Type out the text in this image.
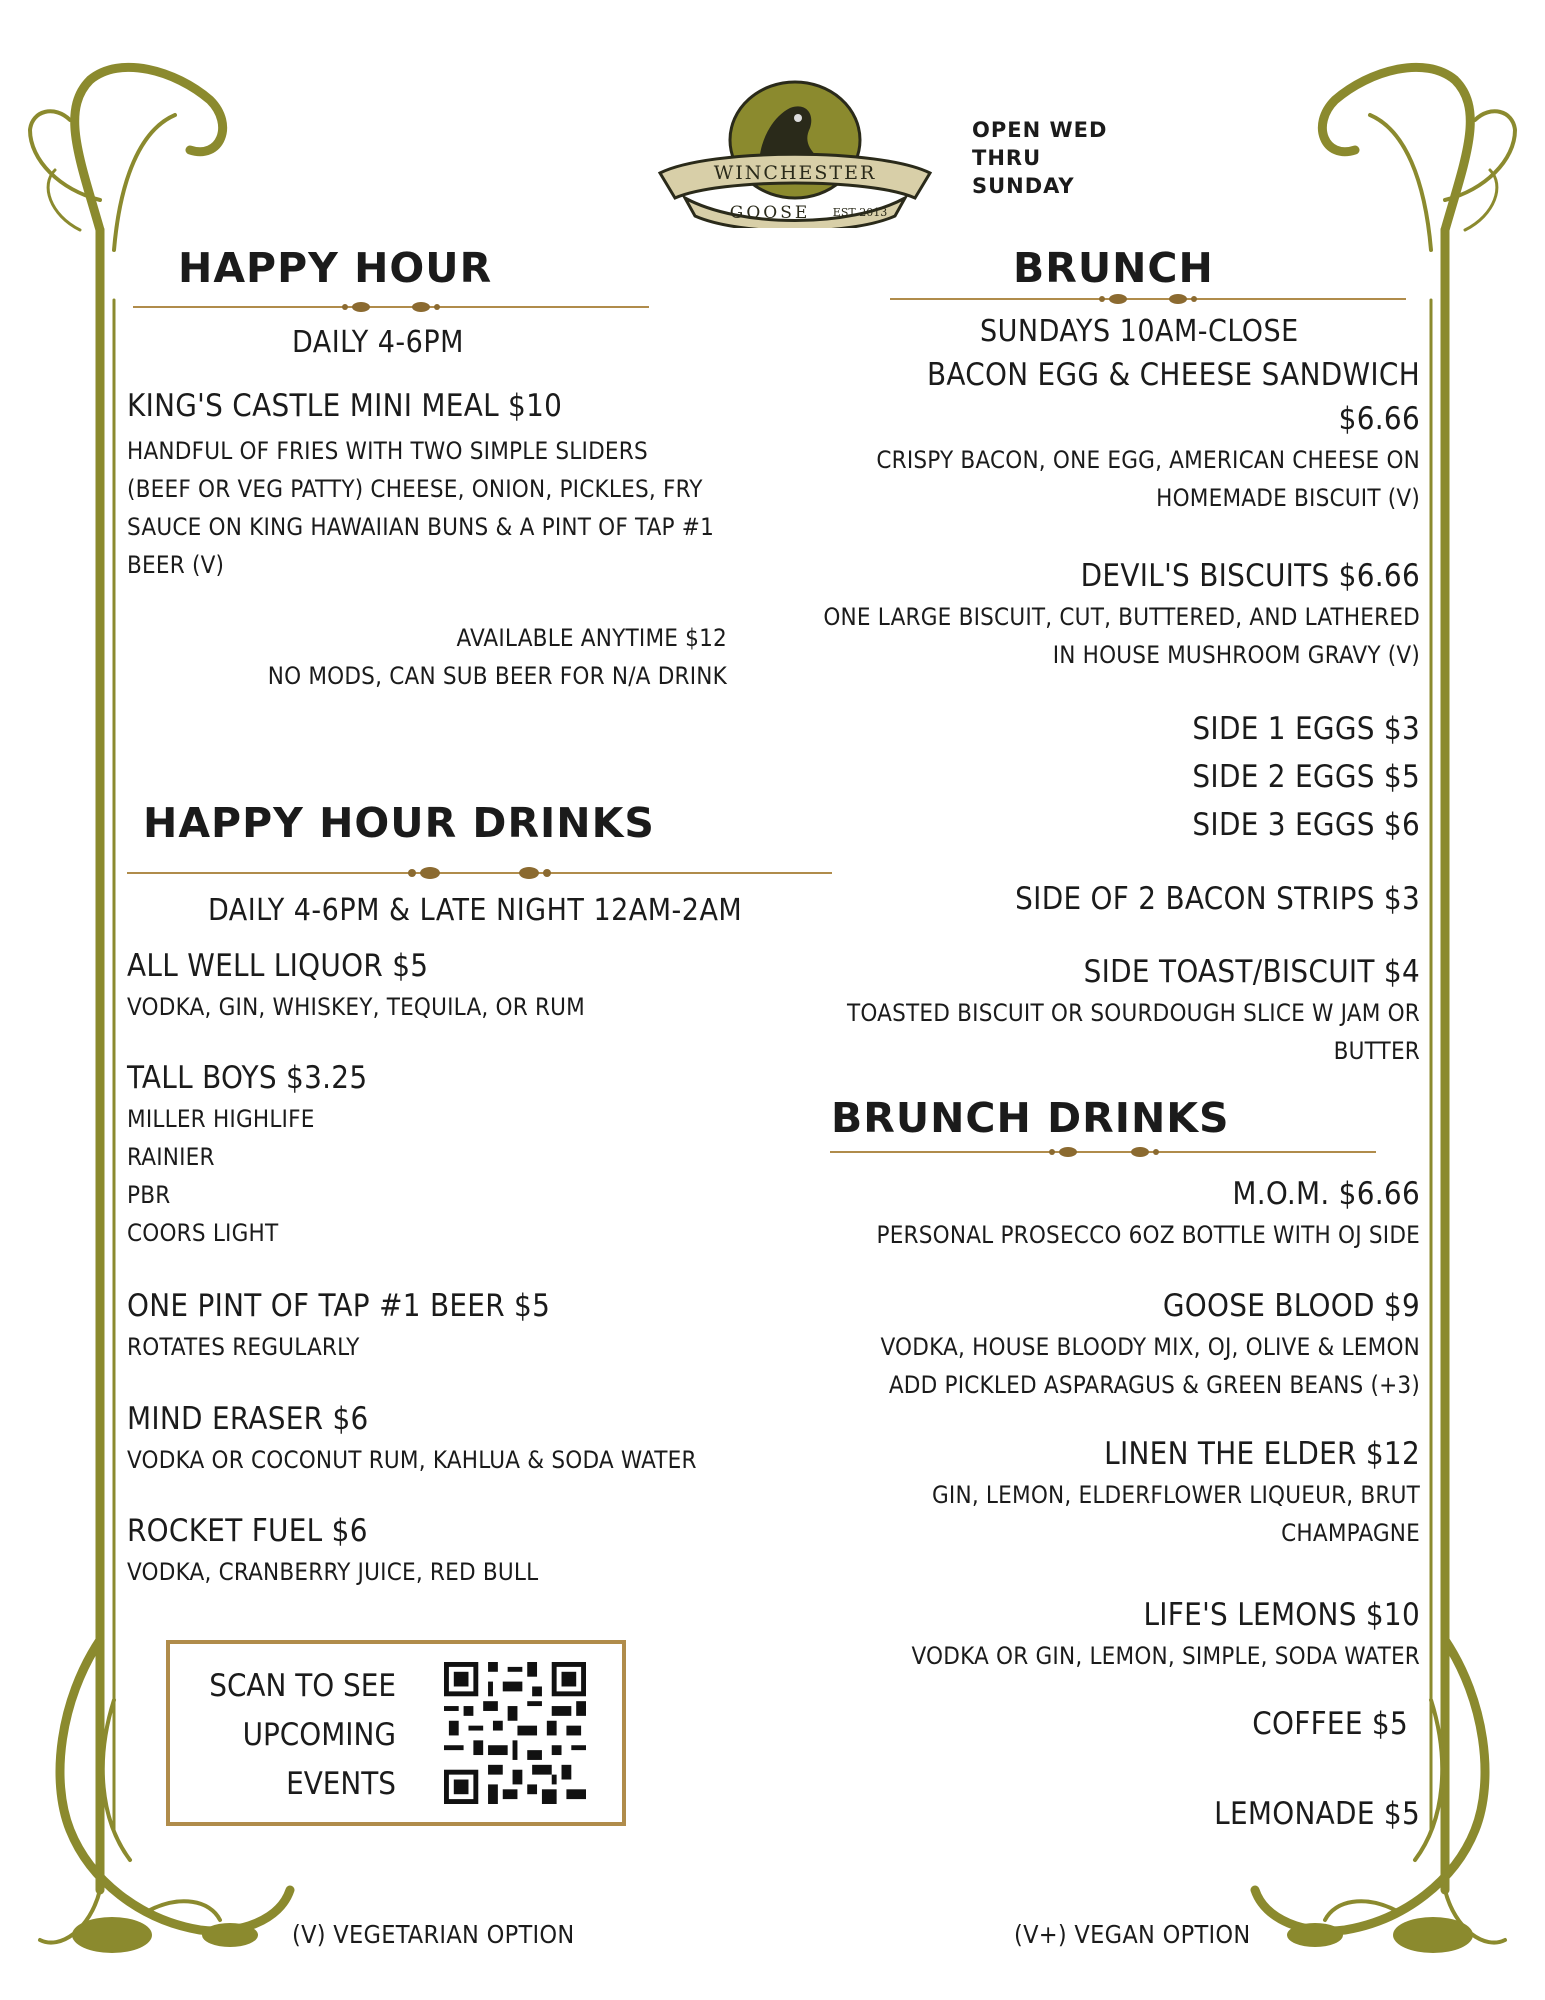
WINCHESTER
GOOSE EST 2013
OPEN WED
THRU
SUNDAY
HAPPY HOUR
DAILY 4-6PM
KING'S CASTLE MINI MEAL $10
HANDFUL OF FRIES WITH TWO SIMPLE SLIDERS
(BEEF OR VEG PATTY) CHEESE, ONION, PICKLES, FRY
SAUCE ON KING HAWAIIAN BUNS & A PINT OF TAP #1
BEER (V)
AVAILABLE ANYTIME $12
NO MODS, CAN SUB BEER FOR N/A DRINK
HAPPY HOUR DRINKS
DAILY 4-6PM & LATE NIGHT 12AM-2AM
ALL WELL LIQUOR $5
VODKA, GIN, WHISKEY, TEQUILA, OR RUM
TALL BOYS $3.25
MILLER HIGHLIFE
RAINIER
PBR
COORS LIGHT
ONE PINT OF TAP #1 BEER $5
ROTATES REGULARLY
MIND ERASER $6
VODKA OR COCONUT RUM, KAHLUA & SODA WATER
ROCKET FUEL $6
VODKA, CRANBERRY JUICE, RED BULL
SCAN TO SEE
UPCOMING
EVENTS
BRUNCH
SUNDAYS 10AM-CLOSE
BACON EGG & CHEESE SANDWICH
$6.66
CRISPY BACON, ONE EGG, AMERICAN CHEESE ON
HOMEMADE BISCUIT (V)
DEVIL'S BISCUITS $6.66
ONE LARGE BISCUIT, CUT, BUTTERED, AND LATHERED
IN HOUSE MUSHROOM GRAVY (V)
SIDE 1 EGGS $3
SIDE 2 EGGS $5
SIDE 3 EGGS $6
SIDE OF 2 BACON STRIPS $3
SIDE TOAST/BISCUIT $4
TOASTED BISCUIT OR SOURDOUGH SLICE W JAM OR
BUTTER
BRUNCH DRINKS
M.O.M. $6.66
PERSONAL PROSECCO 6OZ BOTTLE WITH OJ SIDE
GOOSE BLOOD $9
VODKA, HOUSE BLOODY MIX, OJ, OLIVE & LEMON
ADD PICKLED ASPARAGUS & GREEN BEANS (+3)
LINEN THE ELDER $12
GIN, LEMON, ELDERFLOWER LIQUEUR, BRUT
CHAMPAGNE
LIFE'S LEMONS $10
VODKA OR GIN, LEMON, SIMPLE, SODA WATER
COFFEE $5
LEMONADE $5
(V) VEGETARIAN OPTION	(V+) VEGAN OPTION
